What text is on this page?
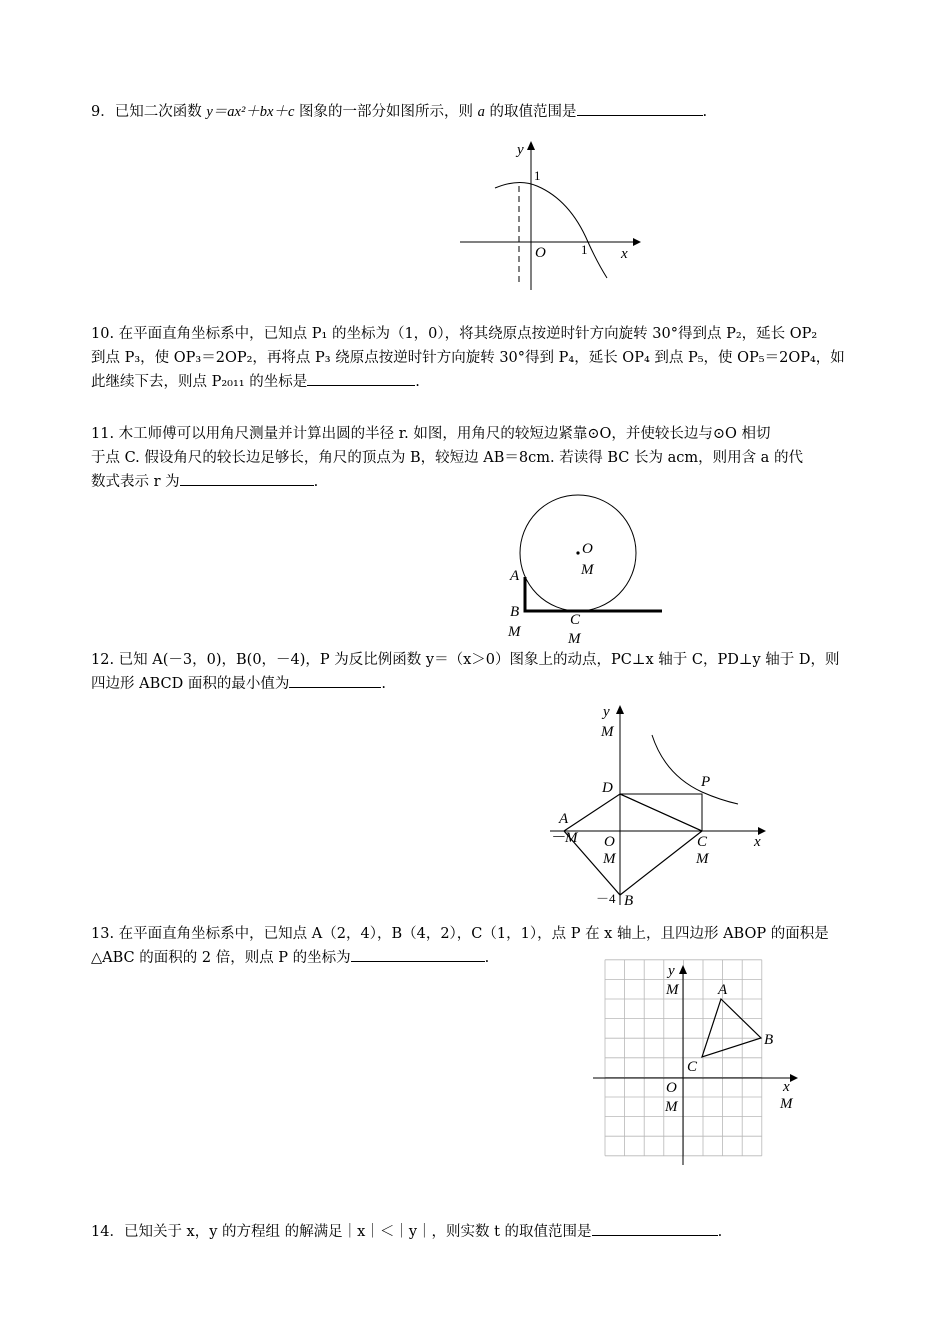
9．已知二次函数 y＝ax²＋bx＋c 图象的一部分如图所示，则 a 的取值范围是	.
y
1
O	1 x
10. 在平面直角坐标系中，已知点 P₁ 的坐标为（1，0），将其绕原点按逆时针方向旋转 30°得到点 P₂，延长 OP₂
到点 P₃，使 OP₃＝2OP₂，再将点 P₃ 绕原点按逆时针方向旋转 30°得到 P₄，延长 OP₄ 到点 P₅，使 OP₅＝2OP₄，如
此继续下去，则点 P₂₀₁₁ 的坐标是	.
11. 木工师傅可以用角尺测量并计算出圆的半径 r. 如图，用角尺的较短边紧靠⊙O，并使较长边与⊙O 相切
于点 C. 假设角尺的较长边足够长，角尺的顶点为 B，较短边 AB＝8cm. 若读得 BC 长为 acm，则用含 a 的代
数式表示 r 为	.
O
M
A
B
M
C
M
12. 已知 A(－3，0)，B(0，－4)，P 为反比例函数 y＝（x＞0）图象上的动点，PC⊥x 轴于 C，PD⊥y 轴于 D，则
四边形 ABCD 面积的最小值为	.
y
M
D	P
A
－M O	C	x
M	M
－4 B
13. 在平面直角坐标系中，已知点 A（2，4），B（4，2），C（1，1），点 P 在 x 轴上，且四边形 ABOP 的面积是
△ABC 的面积的 2 倍，则点 P 的坐标为	.
y
M	A
B
C
O	x
M	M
14．已知关于 x，y 的方程组 的解满足｜x｜＜｜y｜，则实数 t 的取值范围是	.
